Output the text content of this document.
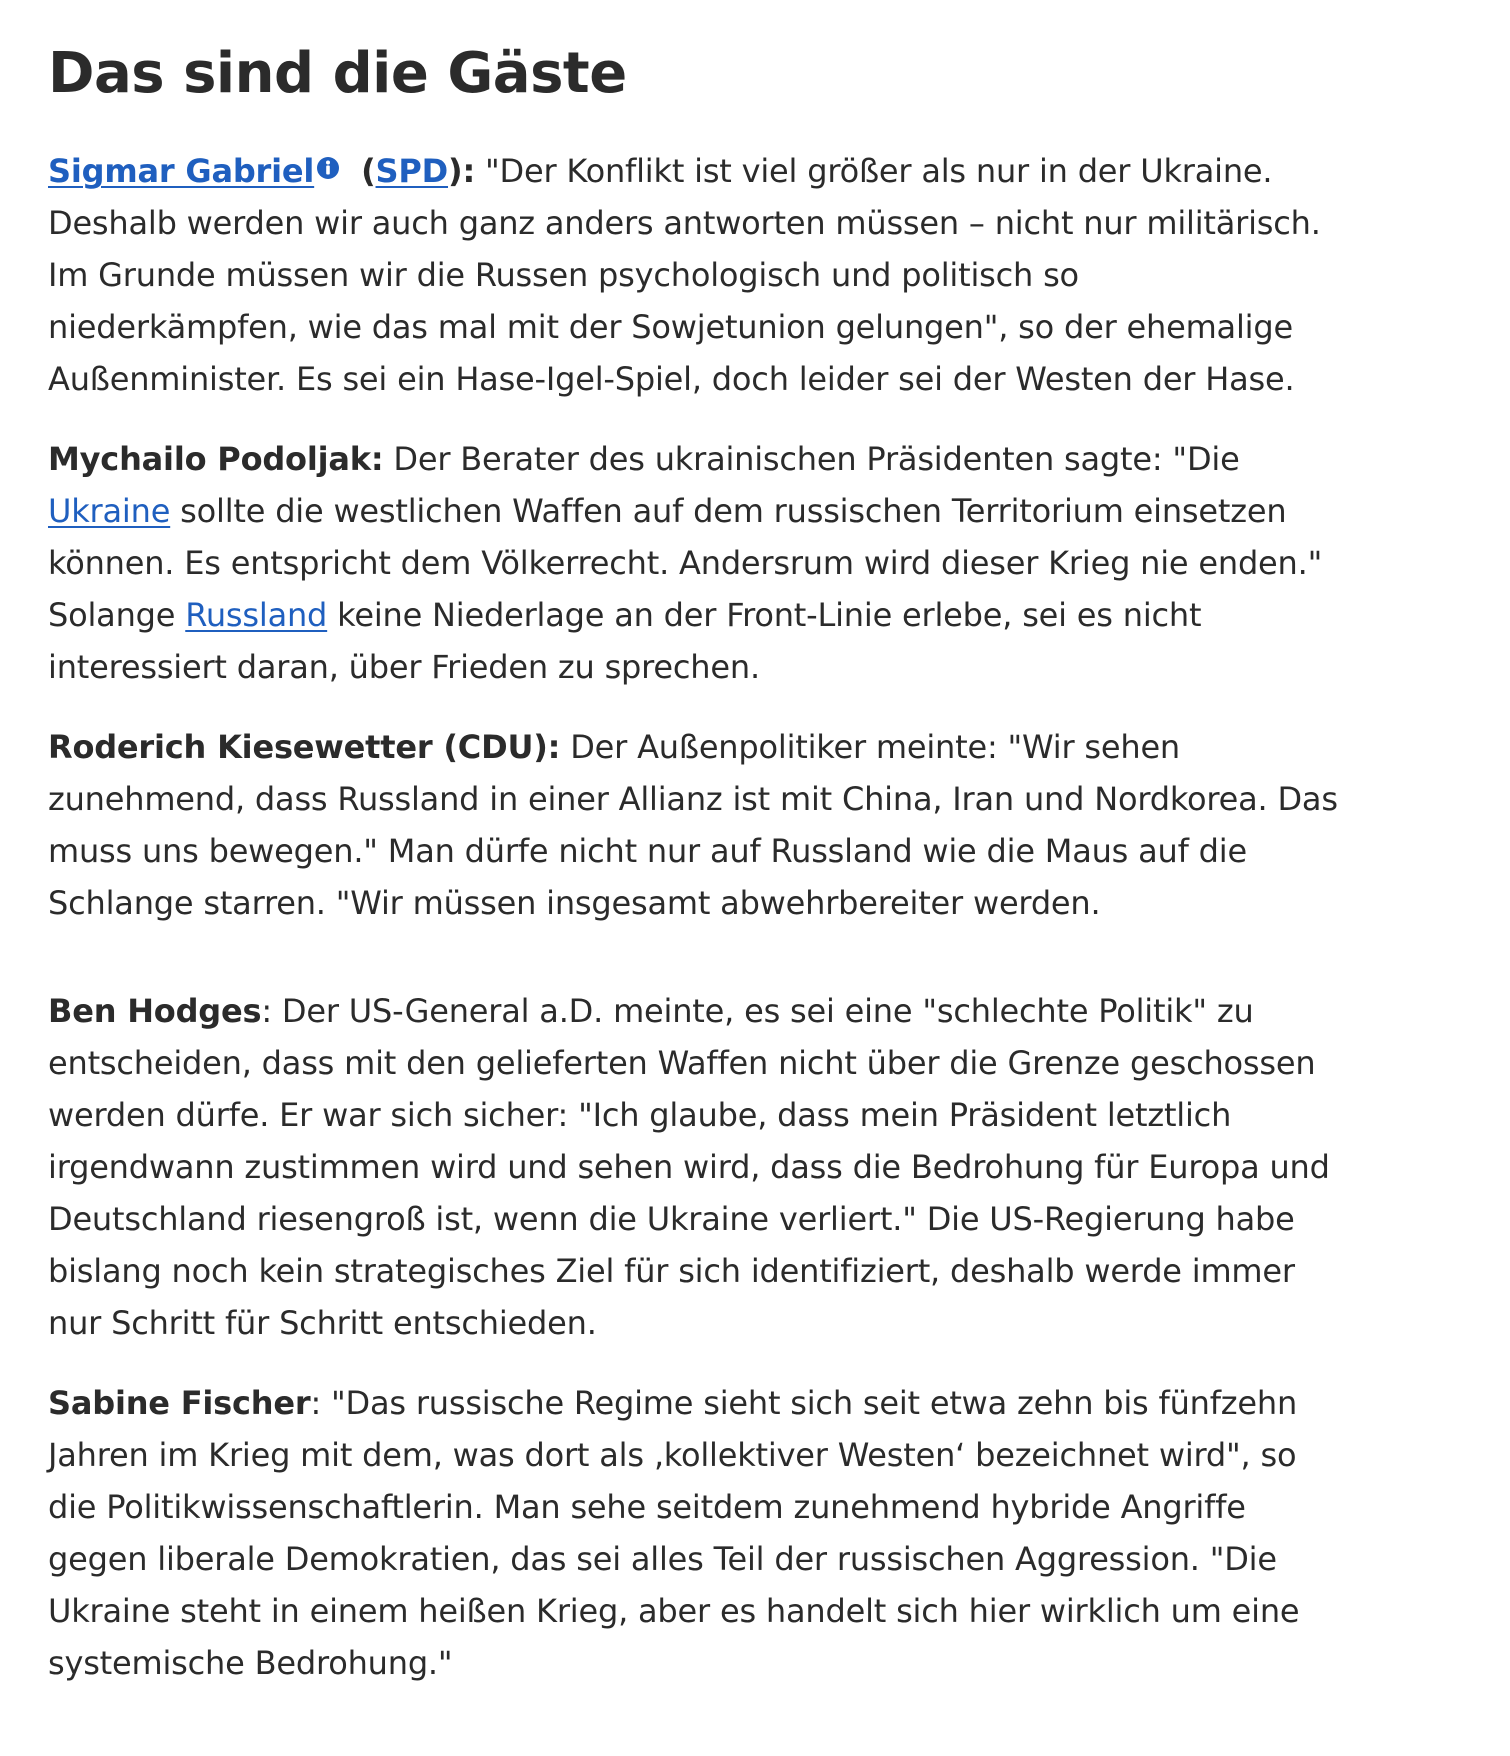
Das sind die Gäste

Sigmar Gabriel (SPD): "Der Konflikt ist viel größer als nur in der Ukraine. Deshalb werden wir auch ganz anders antworten müssen – nicht nur militärisch. Im Grunde müssen wir die Russen psychologisch und politisch so niederkämpfen, wie das mal mit der Sowjetunion gelungen", so der ehemalige Außenminister. Es sei ein Hase-Igel-Spiel, doch leider sei der Westen der Hase.

Mychailo Podoljak: Der Berater des ukrainischen Präsidenten sagte: "Die Ukraine sollte die westlichen Waffen auf dem russischen Territorium einsetzen können. Es entspricht dem Völkerrecht. Andersrum wird dieser Krieg nie enden." Solange Russland keine Niederlage an der Front-Linie erlebe, sei es nicht interessiert daran, über Frieden zu sprechen.

Roderich Kiesewetter (CDU): Der Außenpolitiker meinte: "Wir sehen zunehmend, dass Russland in einer Allianz ist mit China, Iran und Nordkorea. Das muss uns bewegen." Man dürfe nicht nur auf Russland wie die Maus auf die Schlange starren. "Wir müssen insgesamt abwehrbereiter werden.

Ben Hodges: Der US-General a.D. meinte, es sei eine "schlechte Politik" zu entscheiden, dass mit den gelieferten Waffen nicht über die Grenze geschossen werden dürfe. Er war sich sicher: "Ich glaube, dass mein Präsident letztlich irgendwann zustimmen wird und sehen wird, dass die Bedrohung für Europa und Deutschland riesengroß ist, wenn die Ukraine verliert." Die US-Regierung habe bislang noch kein strategisches Ziel für sich identifiziert, deshalb werde immer nur Schritt für Schritt entschieden.

Sabine Fischer: "Das russische Regime sieht sich seit etwa zehn bis fünfzehn Jahren im Krieg mit dem, was dort als ‚kollektiver Westen‘ bezeichnet wird", so die Politikwissenschaftlerin. Man sehe seitdem zunehmend hybride Angriffe gegen liberale Demokratien, das sei alles Teil der russischen Aggression. "Die Ukraine steht in einem heißen Krieg, aber es handelt sich hier wirklich um eine systemische Bedrohung."
